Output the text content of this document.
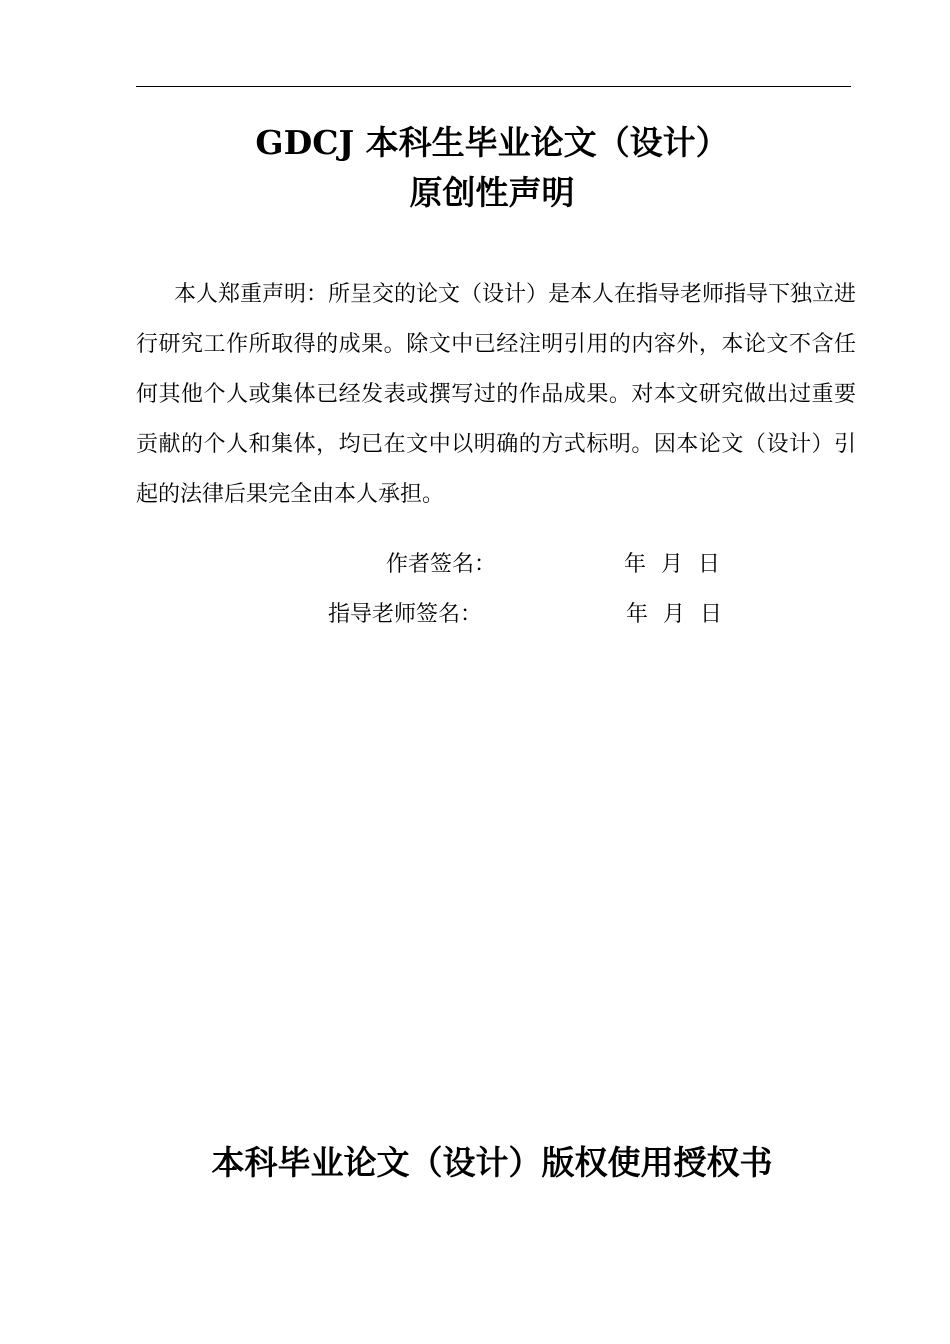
GDCJ 本科生毕业论文（设计）
原创性声明

本人郑重声明：所呈交的论文（设计）是本人在指导老师指导下独立进行研究工作所取得的成果。除文中已经注明引用的内容外，本论文不含任何其他个人或集体已经发表或撰写过的作品成果。对本文研究做出过重要贡献的个人和集体，均已在文中以明确的方式标明。因本论文（设计）引起的法律后果完全由本人承担。

作者签名：	年 月 日
指导老师签名：	年 月 日
本科毕业论文（设计）版权使用授权书
